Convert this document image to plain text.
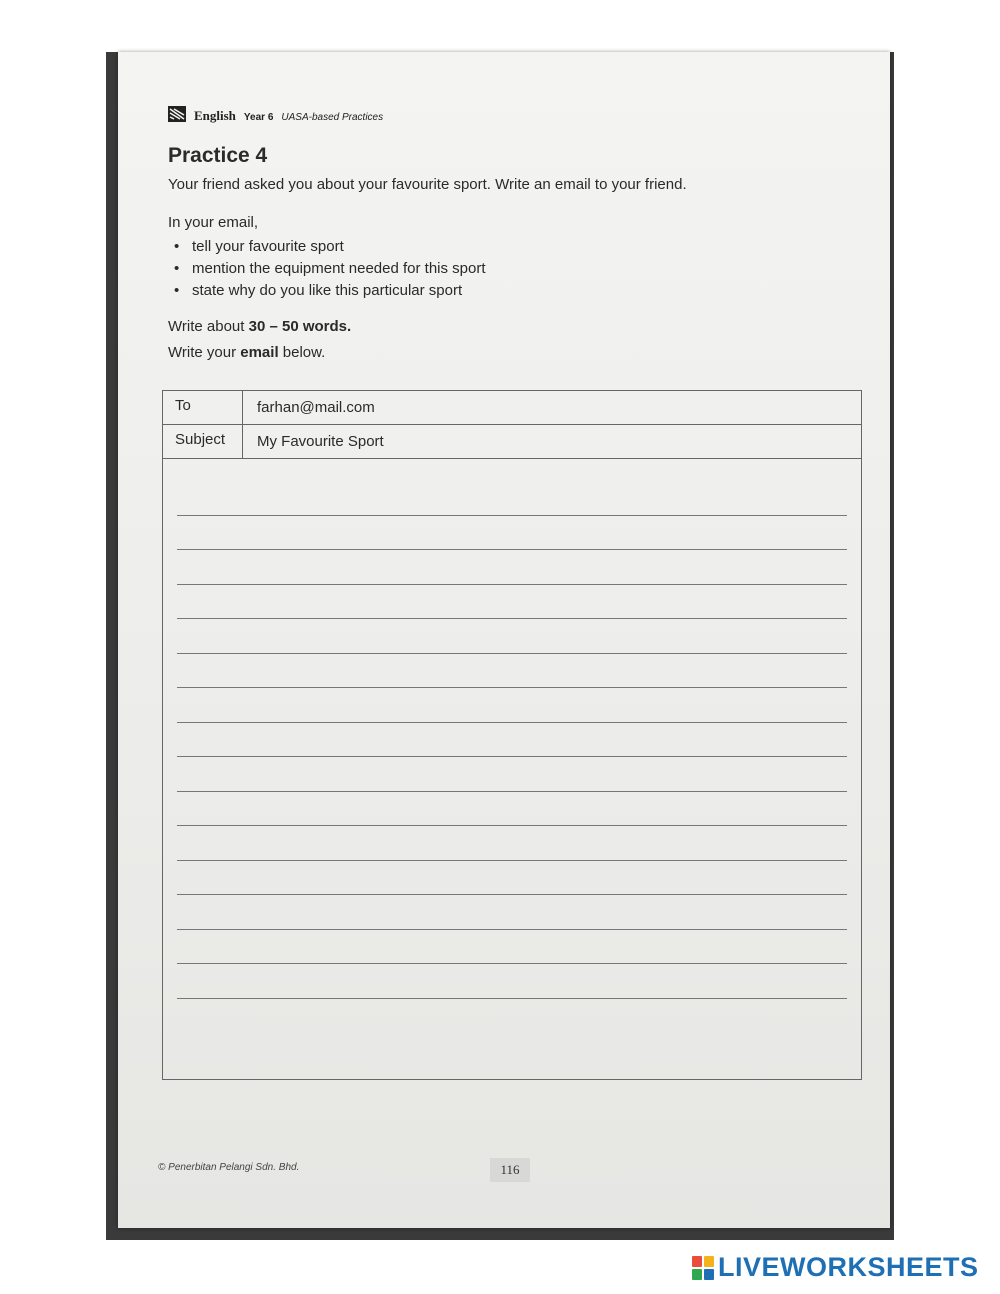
English Year 6 UASA-based Practices
Practice 4

Your friend asked you about your favourite sport. Write an email to your friend.

In your email,

• tell your favourite sport
• mention the equipment needed for this sport
• state why do you like this particular sport

Write about 30 – 50 words.

Write your email below.

To	farhan@mail.com
Subject	My Favourite Sport
© Penerbitan Pelangi Sdn. Bhd.	116
LIVEWORKSHEETS
